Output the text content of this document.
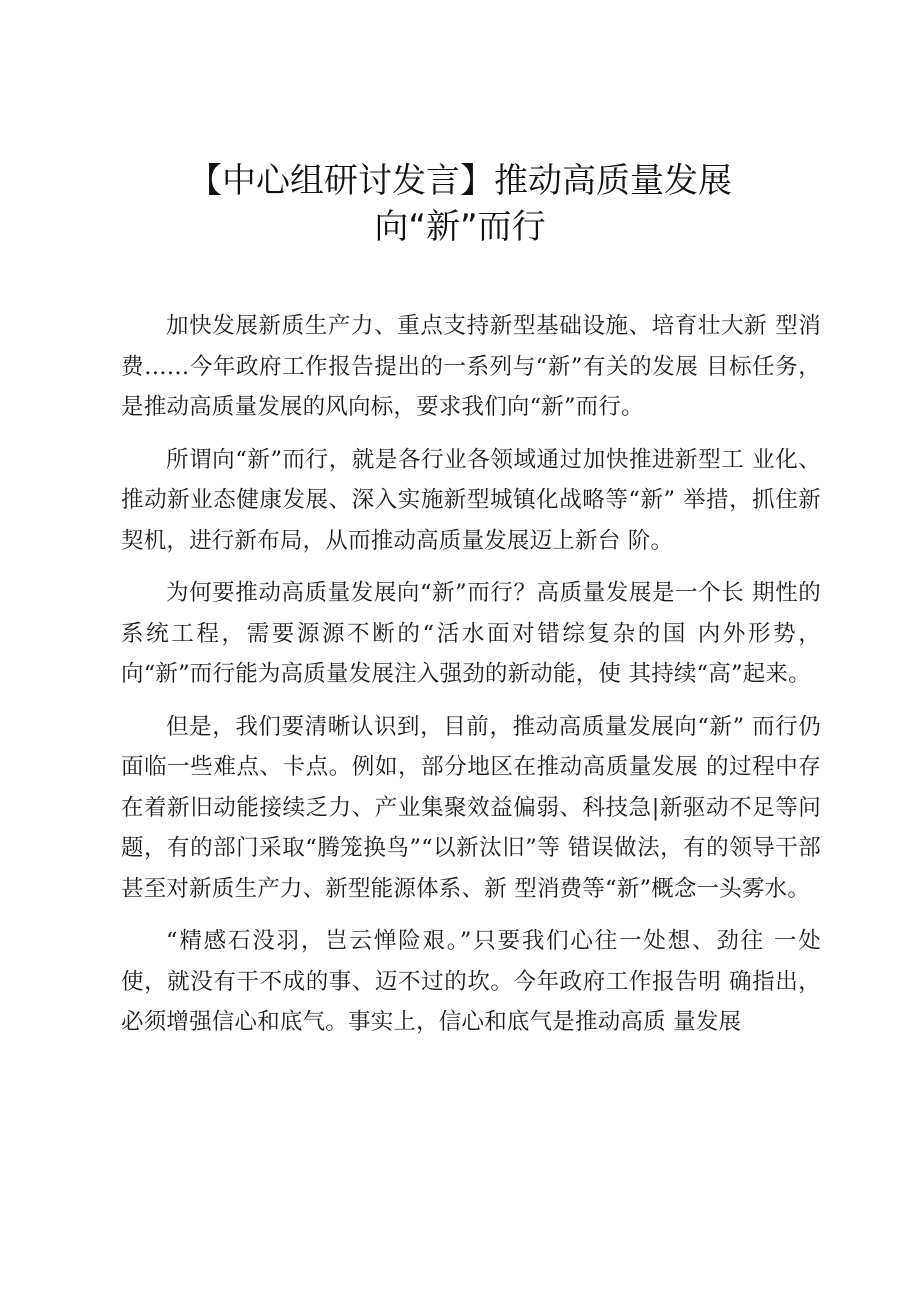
【中心组研讨发言】推动高质量发展向“新”而行

加快发展新质生产力、重点支持新型基础设施、培育壮大新 型消费……今年政府工作报告提出的一系列与“新”有关的发展 目标任务，是推动高质量发展的风向标，要求我们向“新”而行。

所谓向“新”而行，就是各行业各领域通过加快推进新型工 业化、推动新业态健康发展、深入实施新型城镇化战略等“新” 举措，抓住新契机，进行新布局，从而推动高质量发展迈上新台 阶。

为何要推动高质量发展向“新”而行？高质量发展是一个长 期性的系统工程，需要源源不断的“活水面对错综复杂的国 内外形势，向“新”而行能为高质量发展注入强劲的新动能，使 其持续“高”起来。

但是，我们要清晰认识到，目前，推动高质量发展向“新” 而行仍面临一些难点、卡点。例如，部分地区在推动高质量发展 的过程中存在着新旧动能接续乏力、产业集聚效益偏弱、科技急|新驱动不足等问题，有的部门采取“腾笼换鸟”“以新汰旧”等 错误做法，有的领导干部甚至对新质生产力、新型能源体系、新 型消费等“新”概念一头雾水。

“精感石没羽，岂云惮险艰。”只要我们心往一处想、劲往 一处使，就没有干不成的事、迈不过的坎。今年政府工作报告明 确指出，必须增强信心和底气。事实上，信心和底气是推动高质 量发展
